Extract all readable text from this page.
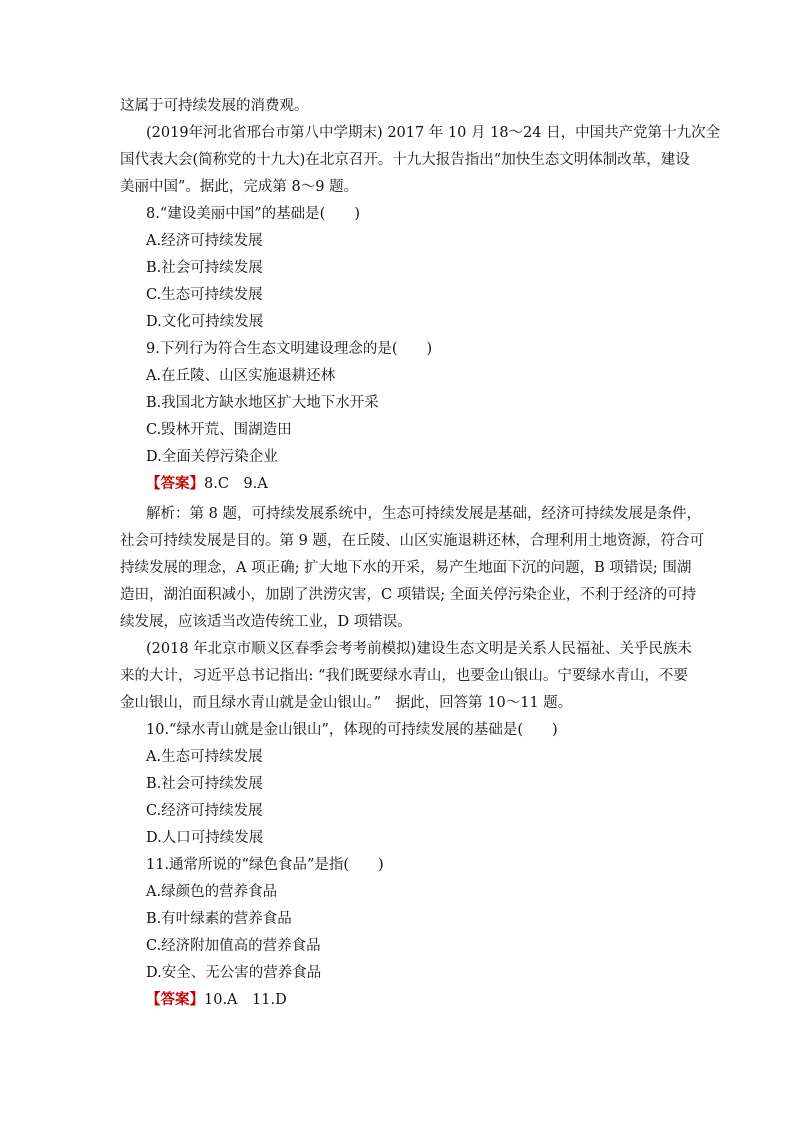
这属于可持续发展的消费观。
(2019年河北省邢台市第八中学期末) 2017 年 10 月 18～24 日，中国共产党第十九次全
国代表大会(简称党的十九大)在北京召开。十九大报告指出“加快生态文明体制改革，建设
美丽中国”。据此，完成第 8～9 题。
8.“建设美丽中国”的基础是(　　)
A.经济可持续发展
B.社会可持续发展
C.生态可持续发展
D.文化可持续发展
9.下列行为符合生态文明建设理念的是(　　)
A.在丘陵、山区实施退耕还林
B.我国北方缺水地区扩大地下水开采
C.毁林开荒、围湖造田
D.全面关停污染企业
【答案】8.C　9.A
解析：第 8 题，可持续发展系统中，生态可持续发展是基础，经济可持续发展是条件，
社会可持续发展是目的。第 9 题，在丘陵、山区实施退耕还林，合理利用土地资源，符合可
持续发展的理念，A 项正确; 扩大地下水的开采，易产生地面下沉的问题，B 项错误; 围湖
造田，湖泊面积减小，加剧了洪涝灾害，C 项错误; 全面关停污染企业，不利于经济的可持
续发展，应该适当改造传统工业，D 项错误。
(2018 年北京市顺义区春季会考考前模拟)建设生态文明是关系人民福祉、关乎民族未
来的大计，习近平总书记指出: “我们既要绿水青山，也要金山银山。宁要绿水青山，不要
金山银山，而且绿水青山就是金山银山。”　据此，回答第 10～11 题。
10.“绿水青山就是金山银山”，体现的可持续发展的基础是(　　)
A.生态可持续发展
B.社会可持续发展
C.经济可持续发展
D.人口可持续发展
11.通常所说的“绿色食品”是指(　　)
A.绿颜色的营养食品
B.有叶绿素的营养食品
C.经济附加值高的营养食品
D.安全、无公害的营养食品
【答案】10.A　11.D
